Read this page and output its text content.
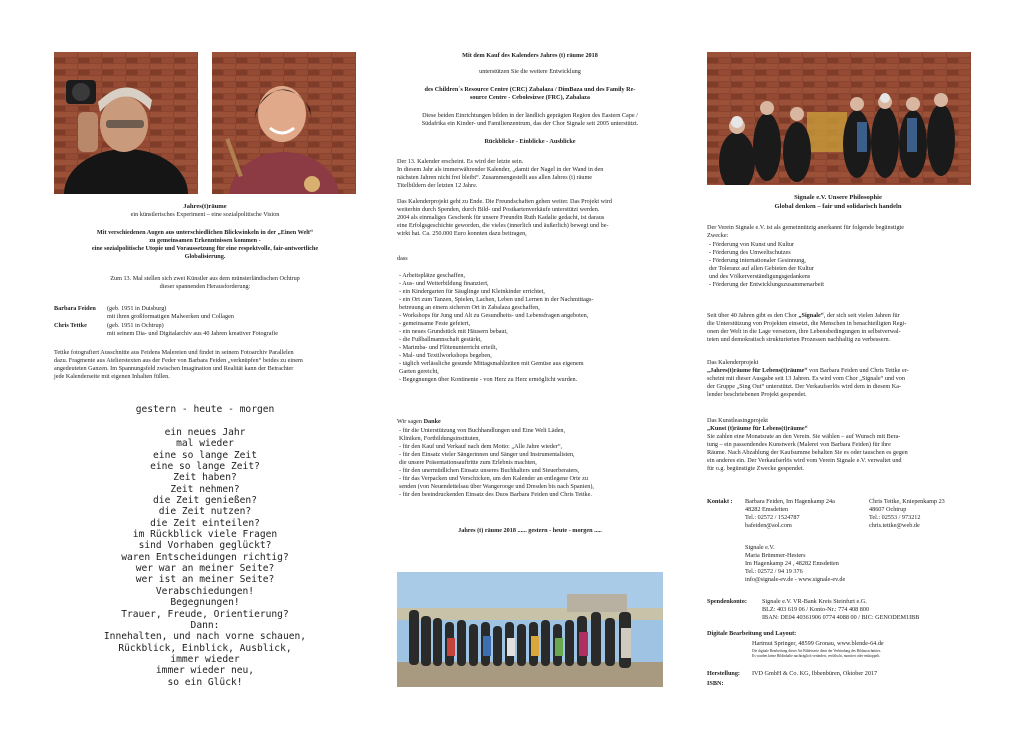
Jahres(t)räume
ein künstlerisches Experiment – eine sozialpolitische Vision
Mit verschiedenen Augen aus unterschiedlichen Blickwinkeln in der „Einen Welt“
zu gemeinsamen Erkenntnissen kommen -
eine sozialpolitische Utopie und Voraussetzung für eine respektvolle, fair-antwortliche
Globalisierung.
Zum 13. Mal stellen sich zwei Künstler aus dem münsterländischen Ochtrup
dieser spannenden Herausforderung:
Barbara Feiden (geb. 1951 in Duisburg)
mit ihren großformatigen Malwerken und Collagen
Chris Tettke	(geb. 1951 in Ochtrup)
mit seinem Dia- und Digitalarchiv aus 40 Jahren kreativer Fotografie
Tettke fotografiert Ausschnitte aus Feidens Malereien und findet in seinem Fotoarchiv Parallelen
dazu. Fragmente aus Atelierstexten aus der Feder von Barbara Feiden „verknüpfen“ beides zu einem
angedeuteten Ganzen. Im Spannungsfeld zwischen Imagination und Realität kann der Betrachter
jede Kalenderseite mit eigenen Inhalten füllen.
gestern - heute - morgen
ein neues Jahr
mal wieder
eine so lange Zeit
eine so lange Zeit?
Zeit haben?
Zeit nehmen?
die Zeit genießen?
die Zeit nutzen?
die Zeit einteilen?
im Rückblick viele Fragen
sind Vorhaben geglückt?
waren Entscheidungen richtig?
wer war an meiner Seite?
wer ist an meiner Seite?
Verabschiedungen!
Begegnungen!
Trauer, Freude, Orientierung?
Dann:
Innehalten, und nach vorne schauen,
Rückblick, Einblick, Ausblick,
immer wieder
immer wieder neu,
so ein Glück!
Mit dem Kauf des Kalenders Jahres (t) räume 2018
unterstützen Sie die weitere Entwicklung
des Children´s Resource Centre (CRC) Zabalaza / DimBaza und des Family Re-
source Centre - Cebolesizwe (FRC), Zabalaza
Diese beiden Einrichtungen bilden in der ländlich geprägten Region des Eastern Cape /
Südafrika ein Kinder- und Familienzentrum, das der Chor Signale seit 2005 unterstützt.
Rückblicke - Einblicke - Ausblicke
Der 13. Kalender erscheint. Es wird der letzte sein.
In diesem Jahr als immerwährender Kalender, „damit der Nagel in der Wand in den
nächsten Jahren nicht frei bleibt“. Zusammengestellt aus allen Jahres (t) räume
Titelbildern der letzten 12 Jahre.
Das Kalenderprojekt geht zu Ende. Die Freundschaften gehen weiter. Das Projekt wird
weiterhin durch Spenden, durch Bild- und Postkartenverkäufe unterstützt werden.
2004 als einmaliges Geschenk für unsere Freundin Ruth Kadalie gedacht, ist daraus
eine Erfolgsgeschichte geworden, die vieles (innerlich und äußerlich) bewegt und be-
wirkt hat. Ca. 250.000 Euro konnten dazu beitragen,
dass
- Arbeitsplätze geschaffen,
- Aus- und Weiterbildung finanziert,
- ein Kindergarten für Säuglinge und Kleinkinder errichtet,
- ein Ort zum Tanzen, Spielen, Lachen, Leben und Lernen in der Nachmittags-
betreuung an einem sicheren Ort in Zabalaza geschaffen,
- Workshops für Jung und Alt zu Gesundheits- und Lebensfragen angeboten,
- gemeinsame Feste gefeiert,
- ein neues Grundstück mit Häusern bebaut,
- die Fußballmannschaft gestärkt,
- Marimba- und Flötenunterricht erteilt,
- Mal- und Textilworkshops begeben,
- täglich verlässliche gesunde Mittagsmahlzeiten mit Gemüse aus eigenem
Garten gereicht,
- Begegnungen über Kontinente - von Herz zu Herz ermöglicht wurden.

Wir sagen Danke

- für die Unterstützung von Buchhandlungen und Eine Welt Läden,
Kliniken, Fortbildungsinstituten,
- für den Kauf und Verkauf nach dem Motto: „Alle Jahre wieder“,
- für den Einsatz vieler Sängerinnen und Sänger und Instrumentalisten,
die unsere Präsentationsauftritte zum Erlebnis machten,
- für den unermüdlichen Einsatz unseres Buchhalters und Steuerberaters,
- für das Verpacken und Verschicken, um den Kalender an entlegene Orte zu
senden (von Neuendettelsau über Wangerooge und Dresden bis nach Spanien),
- für den beeindruckenden Einsatz des Duos Barbara Feiden und Chris Tettke.
Jahres (t) räume 2018 ...... gestern - heute - morgen .....
Signale e.V. Unsere Philosophie
Global denken – fair und solidarisch handeln
Der Verein Signale e.V. ist als gemeinnützig anerkannt für folgende begünstigte
Zwecke:
- Förderung von Kunst und Kultur
- Förderung des Umweltschutzes
- Förderung internationaler Gesinnung,
der Toleranz auf allen Gebieten der Kultur
und des Völkerverständigungsgedankens
- Förderung der Entwicklungszusammenarbeit
Seit über 40 Jahren gibt es den Chor „Signale“, der sich seit vielen Jahren für
die Unterstützung von Projekten einsetzt, die Menschen in benachteiligten Regi-
onen der Welt in die Lage versetzen, ihre Lebensbedingungen in selbstverwal-
teten und demokratisch strukturierten Prozessen nachhaltig zu verbessern.
Das Kalenderprojekt
„Jahres(t)räume für Lebens(t)räume“ von Barbara Feiden und Chris Tettke er-
scheint mit dieser Ausgabe seit 13 Jahren. Es wird vom Chor „Signale“ und von
der Gruppe „Sing Out“ unterstützt. Der Verkaufserlös wird dem in diesem Ka-
lender beschriebenen Projekt gespendet.
Das Kunstleasingprojekt
„Kunst (t)räume für Lebens(t)räume“
Sie zahlen eine Monatsrate an den Verein. Sie wählen – auf Wunsch mit Bera-
tung – ein passendendes Kunstwerk (Malerei von Barbara Feiden) für ihre
Räume. Nach Abzahlung der Kaufsumme behalten Sie es oder tauschen es gegen
ein anderes ein. Der Verkaufserlös wird vom Verein Signale e.V. verwaltet und
für o.g. begünstigte Zwecke gespendet.
Kontakt : Barbara Feiden, Im Hagenkamp 24a
48282 Emsdetten
Tel.: 02572 / 1524787
bafeiden@aol.com
Chris Tettke, Kniepenkamp 23
48607 Ochtrup
Tel.: 02553 / 973212
chris.tettke@web.de
Signale e.V.
Maria Brümmer-Hesters
Im Hagenkamp 24 , 48282 Emsdetten
Tel.: 02572 / 94 19 376
info@signale-ev.de - www.signale-ev.de
Spendenkonto: Signale e.V. VR-Bank Kreis Steinfurt e.G.
BLZ: 403 619 06 / Konto-Nr.: 774 408 800
IBAN: DE04 40361906 0774 4088 00 / BIC: GENODEM1IBB
Digitale Bearbeitung und Layout:
Hartmut Springer, 48599 Gronau, www.blende-64.de
Die digitale Bearbeitung dieser Art Bilderserie dient der Verbindung des Bildausschnittes.
Es wurden keine Bildinhalte nachträglich verändert, verfälscht, montiert oder entkoppelt.
Herstellung: IVD GmbH & Co. KG, Ibbenbüren, Oktober 2017
ISBN:
